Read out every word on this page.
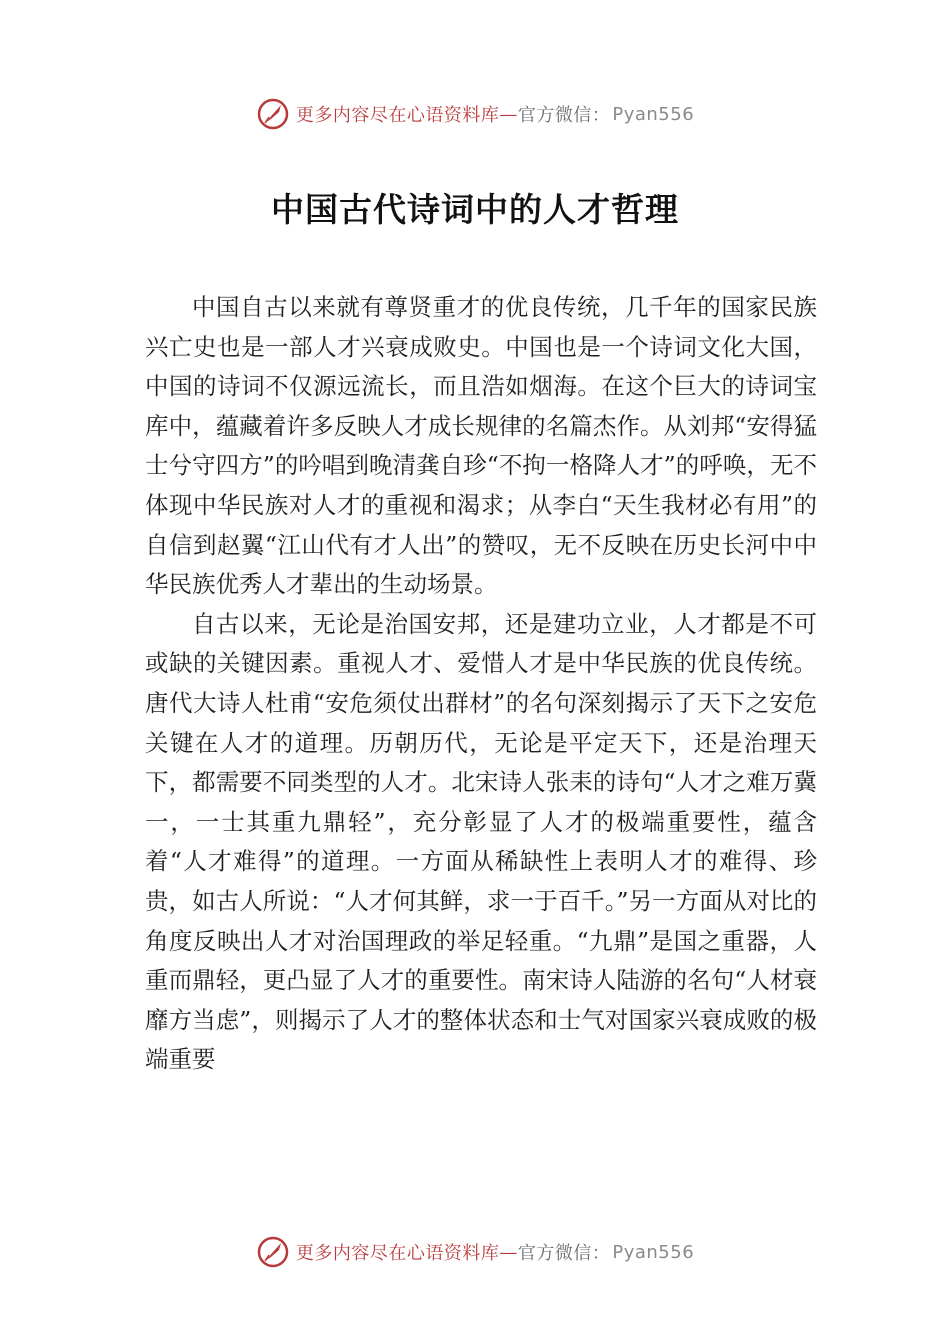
更多内容尽在心语资料库 — 官方微信： Pyan556
中国古代诗词中的人才哲理

中国自古以来就有尊贤重才的优良传统，几千年的国家民族兴亡史也是一部人才兴衰成败史。中国也是一个诗词文化大国，中国的诗词不仅源远流长，而且浩如烟海。在这个巨大的诗词宝库中，蕴藏着许多反映人才成长规律的名篇杰作。从刘邦“安得猛士兮守四方”的吟唱到晚清龚自珍“不拘一格降人才”的呼唤，无不体现中华民族对人才的重视和渴求；从李白“天生我材必有用”的自信到赵翼“江山代有才人出”的赞叹，无不反映在历史长河中中华民族优秀人才辈出的生动场景。

自古以来，无论是治国安邦，还是建功立业，人才都是不可或缺的关键因素。重视人才、爱惜人才是中华民族的优良传统。唐代大诗人杜甫“安危须仗出群材”的名句深刻揭示了天下之安危关键在人才的道理。历朝历代，无论是平定天下，还是治理天下，都需要不同类型的人才。北宋诗人张耒的诗句“人才之难万冀一，一士其重九鼎轻”，充分彰显了人才的极端重要性，蕴含着“人才难得”的道理。一方面从稀缺性上表明人才的难得、珍贵，如古人所说：“人才何其鲜，求一于百千。”另一方面从对比的角度反映出人才对治国理政的举足轻重。“九鼎”是国之重器，人重而鼎轻，更凸显了人才的重要性。南宋诗人陆游的名句“人材衰靡方当虑”，则揭示了人才的整体状态和士气对国家兴衰成败的极端重要

更多内容尽在心语资料库 — 官方微信： Pyan556
